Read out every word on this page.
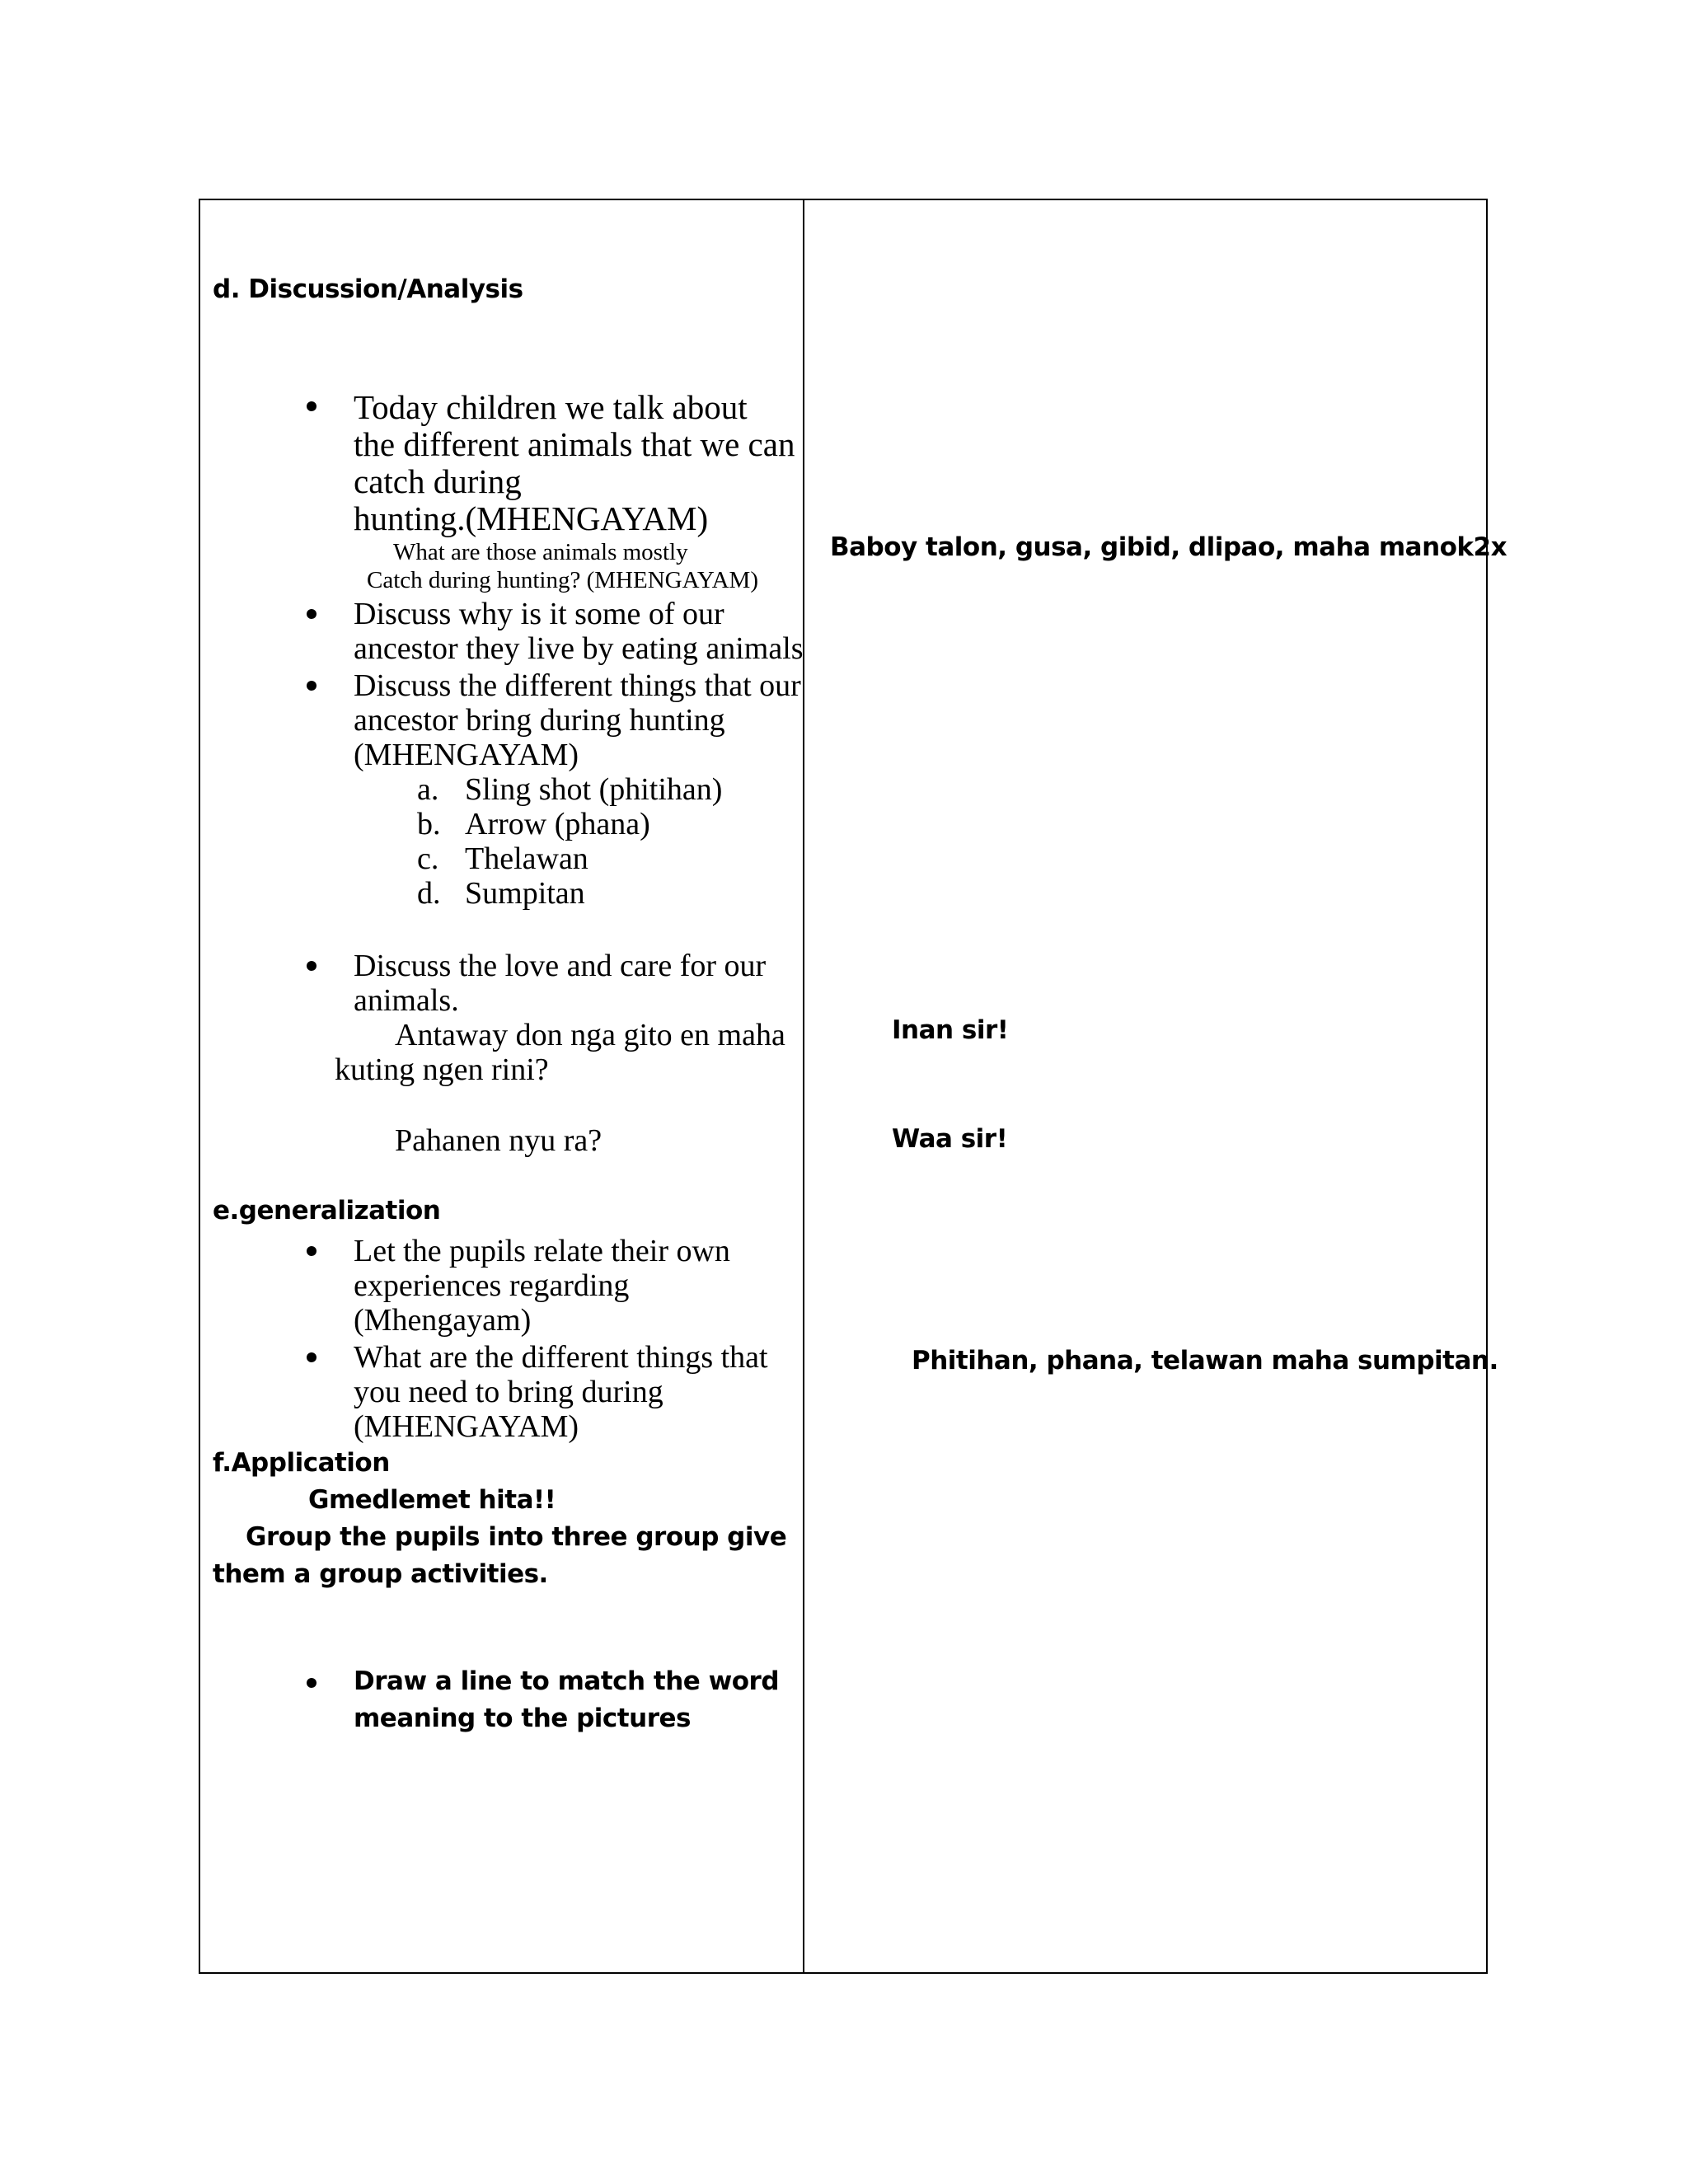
d. Discussion/Analysis
Today children we talk about
the different animals that we can
catch during
hunting.(MHENGAYAM)
What are those animals mostly
Catch during hunting? (MHENGAYAM)
Discuss why is it some of our
ancestor they live by eating animals
Discuss the different things that our
ancestor bring during hunting
(MHENGAYAM)
a. Sling shot (phitihan)
b. Arrow (phana)
c. Thelawan
d. Sumpitan
Discuss the love and care for our
animals.
Antaway don nga gito en maha
kuting ngen rini?
Pahanen nyu ra?
e.generalization
Let the pupils relate their own
experiences regarding
(Mhengayam)
What are the different things that
you need to bring during
(MHENGAYAM)
f.Application
Gmedlemet hita!!
Group the pupils into three group give
them a group activities.
Draw a line to match the word
meaning to the pictures
Baboy talon, gusa, gibid, dlipao, maha manok2x
Inan sir!
Waa sir!
Phitihan, phana, telawan maha sumpitan.
